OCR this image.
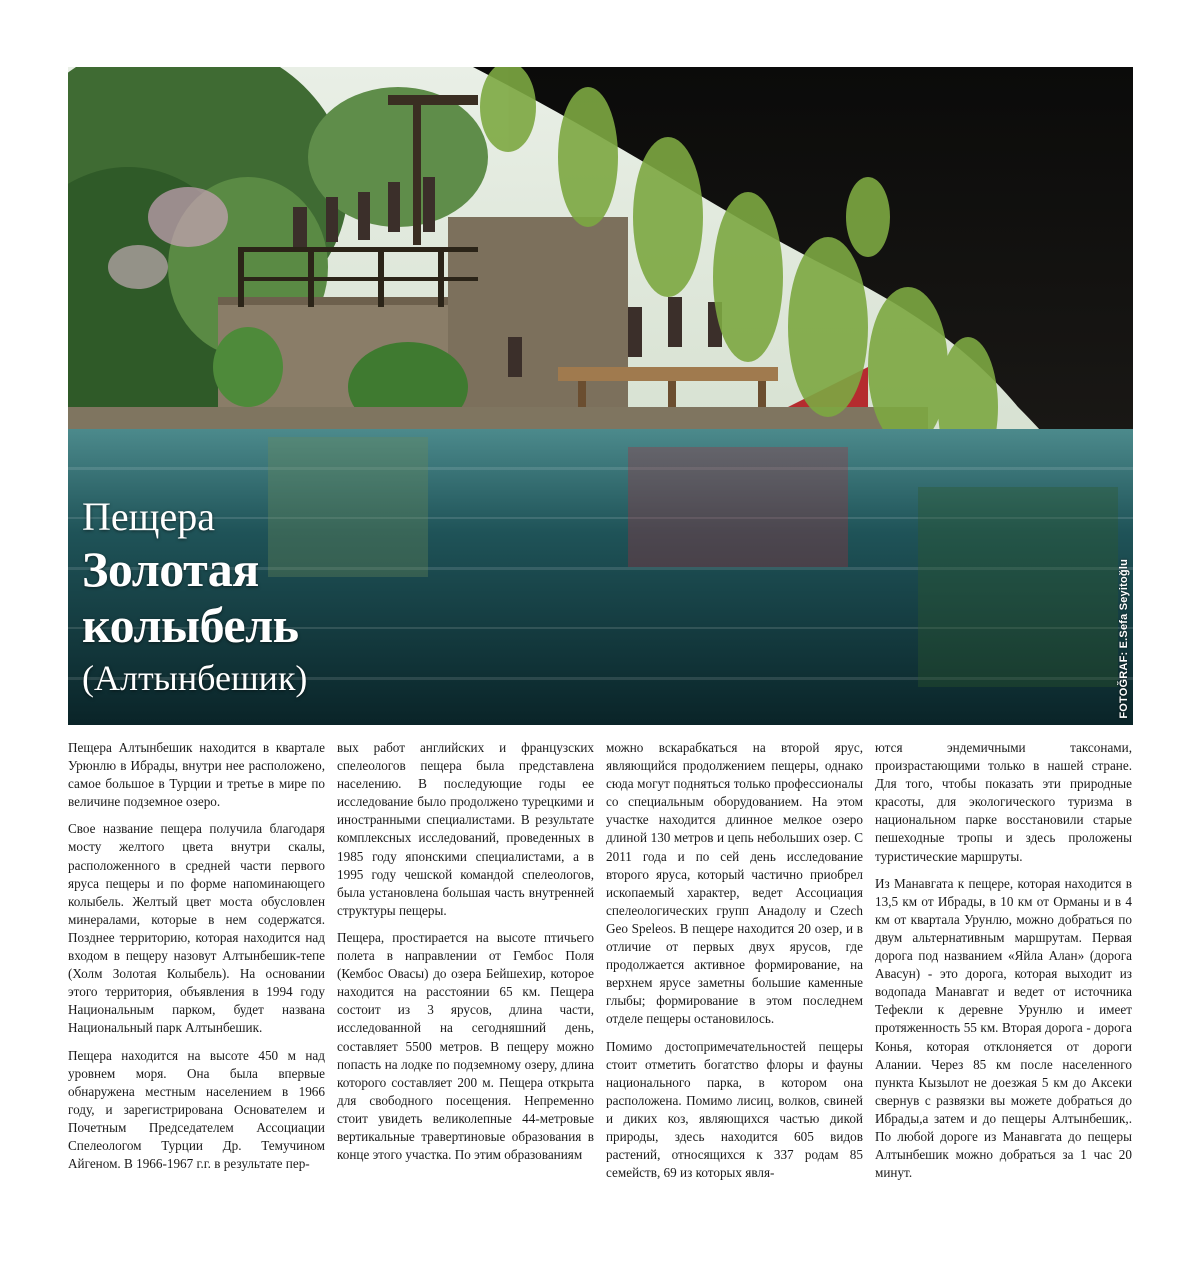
Пещера
Золотая
колыбель
(Алтынбешик)	FOTOĞRAF: E.Sefa Seyitoğlu

Пещера Алтынбешик находится в квартале Урюнлю в Ибрады, внутри нее расположено, самое большое в Турции и третье в мире по величине подземное озеро.

Свое название пещера получила благодаря мосту желтого цвета внутри скалы, расположенного в средней части первого яруса пещеры и по форме напоминающего колыбель. Желтый цвет моста обусловлен минералами, которые в нем содержатся. Позднее территорию, которая находится над входом в пещеру назовут Алтынбешик-тепе (Холм Золотая Колыбель). На основании этого территория, объявления в 1994 году Национальным парком, будет названа Национальный парк Алтынбешик.

Пещера находится на высоте 450 м над уровнем моря. Она была впервые обнаружена местным населением в 1966 году, и зарегистрирована Основателем и Почетным Председателем Ассоциации Спелеологом Турции Др. Темучином Айгеном. В 1966-1967 г.г. в результате пер-

вых работ английских и французских спелеологов пещера была представлена населению. В последующие годы ее исследование было продолжено турецкими и иностранными специалистами. В результате комплексных исследований, проведенных в 1985 году японскими специалистами, а в 1995 году чешской командой спелеологов, была установлена большая часть внутренней структуры пещеры.

Пещера, простирается на высоте птичьего полета в направлении от Гембос Поля (Кембос Овасы) до озера Бейшехир, которое находится на расстоянии 65 км. Пещера состоит из 3 ярусов, длина части, исследованной на сегодняшний день, составляет 5500 метров. В пещеру можно попасть на лодке по подземному озеру, длина которого составляет 200 м. Пещера открыта для свободного посещения. Непременно стоит увидеть великолепные 44-метровые вертикальные травертиновые образования в конце этого участка. По этим образованиям

можно вскарабкаться на второй ярус, являющийся продолжением пещеры, однако сюда могут подняться только профессионалы со специальным оборудованием. На этом участке находится длинное мелкое озеро длиной 130 метров и цепь небольших озер. С 2011 года и по сей день исследование второго яруса, который частично приобрел ископаемый характер, ведет Ассоциация спелеологических групп Анадолу и Czech Geo Speleos. В пещере находится 20 озер, и в отличие от первых двух ярусов, где продолжается активное формирование, на верхнем ярусе заметны большие каменные глыбы; формирование в этом последнем отделе пещеры остановилось.

Помимо достопримечательностей пещеры стоит отметить богатство флоры и фауны национального парка, в котором она расположена. Помимо лисиц, волков, свиней и диких коз, являющихся частью дикой природы, здесь находится 605 видов растений, относящихся к 337 родам 85 семейств, 69 из которых явля-

ются эндемичными таксонами, произрастающими только в нашей стране. Для того, чтобы показать эти природные красоты, для экологического туризма в национальном парке восстановили старые пешеходные тропы и здесь проложены туристические маршруты.

Из Манавгата к пещере, которая находится в 13,5 км от Ибрады, в 10 км от Орманы и в 4 км от квартала Урунлю, можно добраться по двум альтернативным маршрутам. Первая дорога под названием «Яйла Алан» (дорога Авасун) - это дорога, которая выходит из водопада Манавгат и ведет от источника Тефекли к деревне Урунлю и имеет протяженность 55 км. Вторая дорога - дорога Конья, которая отклоняется от дороги Алании. Через 85 км после населенного пункта Кызылот не доезжая 5 км до Аксеки свернув с развязки вы можете добраться до Ибрады,а затем и до пещеры Алтынбешик,. По любой дороге из Манавгата до пещеры Алтынбешик можно добраться за 1 час 20 минут.
